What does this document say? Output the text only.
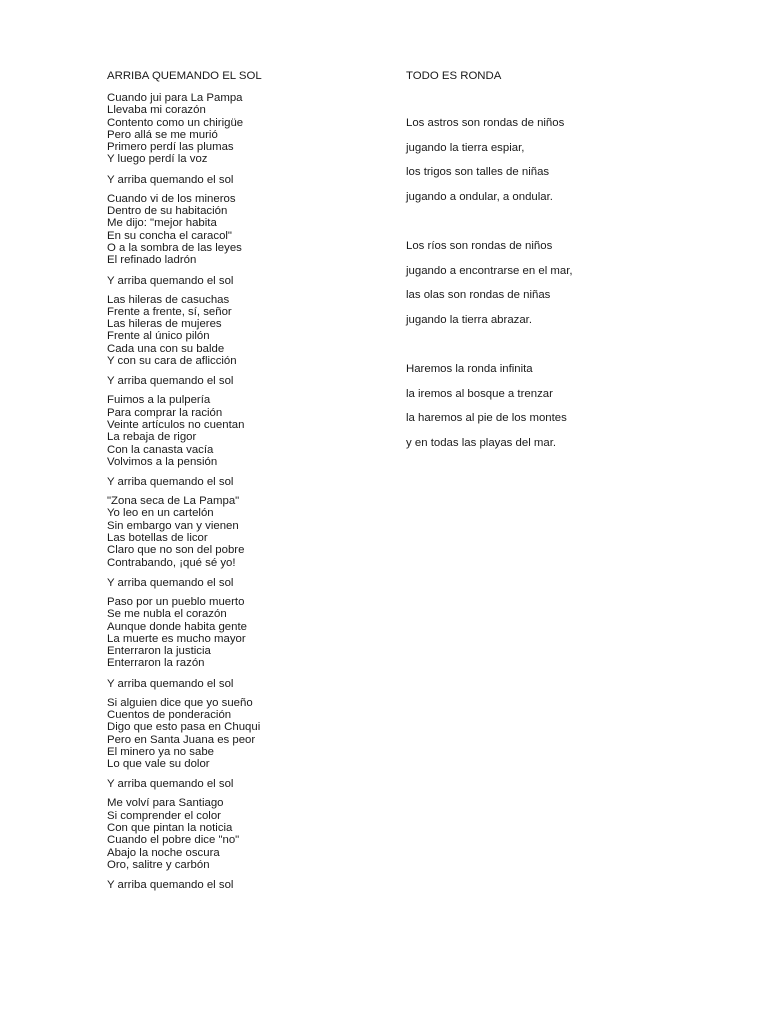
ARRIBA QUEMANDO EL SOL
Cuando jui para La Pampa
Llevaba mi corazón
Contento como un chirigüe
Pero allá se me murió
Primero perdí las plumas
Y luego perdí la voz
Y arriba quemando el sol
Cuando vi de los mineros
Dentro de su habitación
Me dijo: "mejor habita
En su concha el caracol"
O a la sombra de las leyes
El refinado ladrón
Y arriba quemando el sol
Las hileras de casuchas
Frente a frente, sí, señor
Las hileras de mujeres
Frente al único pilón
Cada una con su balde
Y con su cara de aflicción
Y arriba quemando el sol
Fuimos a la pulpería
Para comprar la ración
Veinte artículos no cuentan
La rebaja de rigor
Con la canasta vacía
Volvimos a la pensión
Y arriba quemando el sol
"Zona seca de La Pampa"
Yo leo en un cartelón
Sin embargo van y vienen
Las botellas de licor
Claro que no son del pobre
Contrabando, ¡qué sé yo!
Y arriba quemando el sol
Paso por un pueblo muerto
Se me nubla el corazón
Aunque donde habita gente
La muerte es mucho mayor
Enterraron la justicia
Enterraron la razón
Y arriba quemando el sol
Si alguien dice que yo sueño
Cuentos de ponderación
Digo que esto pasa en Chuqui
Pero en Santa Juana es peor
El minero ya no sabe
Lo que vale su dolor
Y arriba quemando el sol
Me volví para Santiago
Si comprender el color
Con que pintan la noticia
Cuando el pobre dice "no"
Abajo la noche oscura
Oro, salitre y carbón
Y arriba quemando el sol
TODO ES RONDA
Los astros son rondas de niños
jugando la tierra espiar,
los trigos son talles de niñas
jugando a ondular, a ondular.
Los ríos son rondas de niños
jugando a encontrarse en el mar,
las olas son rondas de niñas
jugando la tierra abrazar.
Haremos la ronda infinita
la iremos al bosque a trenzar
la haremos al pie de los montes
y en todas las playas del mar.
